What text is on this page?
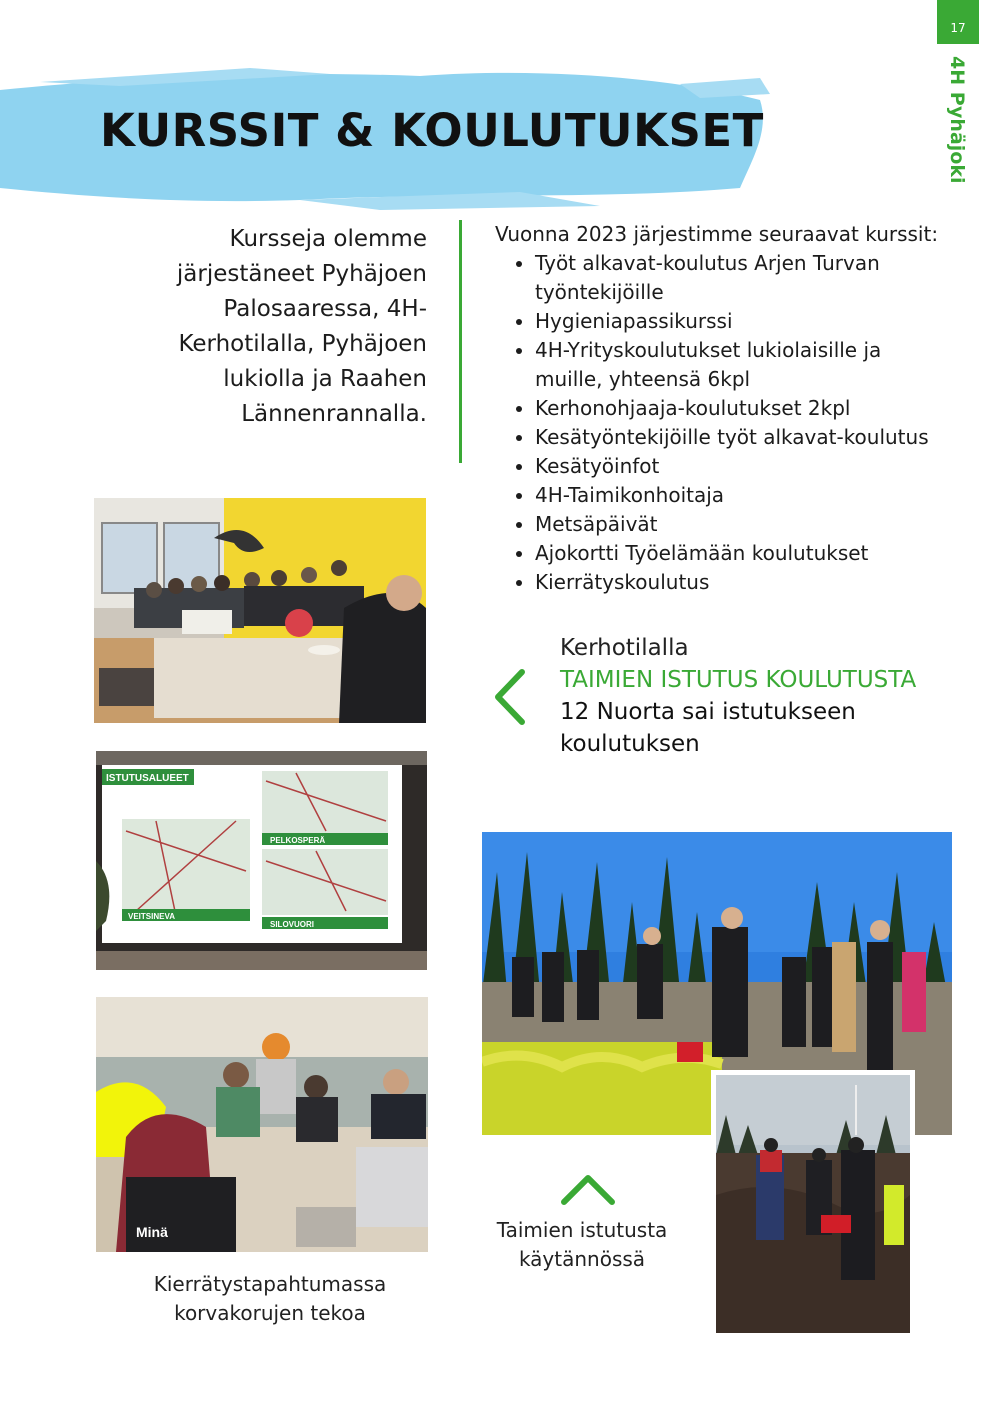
17
4H Pyhäjoki
KURSSIT & KOULUTUKSET
Kursseja olemme järjestäneet Pyhäjoen Palosaaressa, 4H-Kerhotilalla, Pyhäjoen lukiolla ja Raahen Lännenrannalla.
Vuonna 2023 järjestimme seuraavat kurssit:
• Työt alkavat-koulutus Arjen Turvan työntekijöille
• Hygieniapassikurssi
• 4H-Yrityskoulutukset lukiolaisille ja muille, yhteensä 6kpl
• Kerhonohjaaja-koulutukset 2kpl
• Kesätyöntekijöille työt alkavat-koulutus
• Kesätyöinfot
• 4H-Taimikonhoitaja
• Metsäpäivät
• Ajokortti Työelämään koulutukset
• Kierrätyskoulutus
ISTUTUSALUEET
PELKOSPERÄ
SILOVUORI
VEITSINEVA
Minä
Kerhotilalla
TAIMIEN ISTUTUS KOULUTUSTA
12 Nuorta sai istutukseen koulutuksen
Taimien istutusta käytännössä
Kierrätystapahtumassa korvakorujen tekoa
